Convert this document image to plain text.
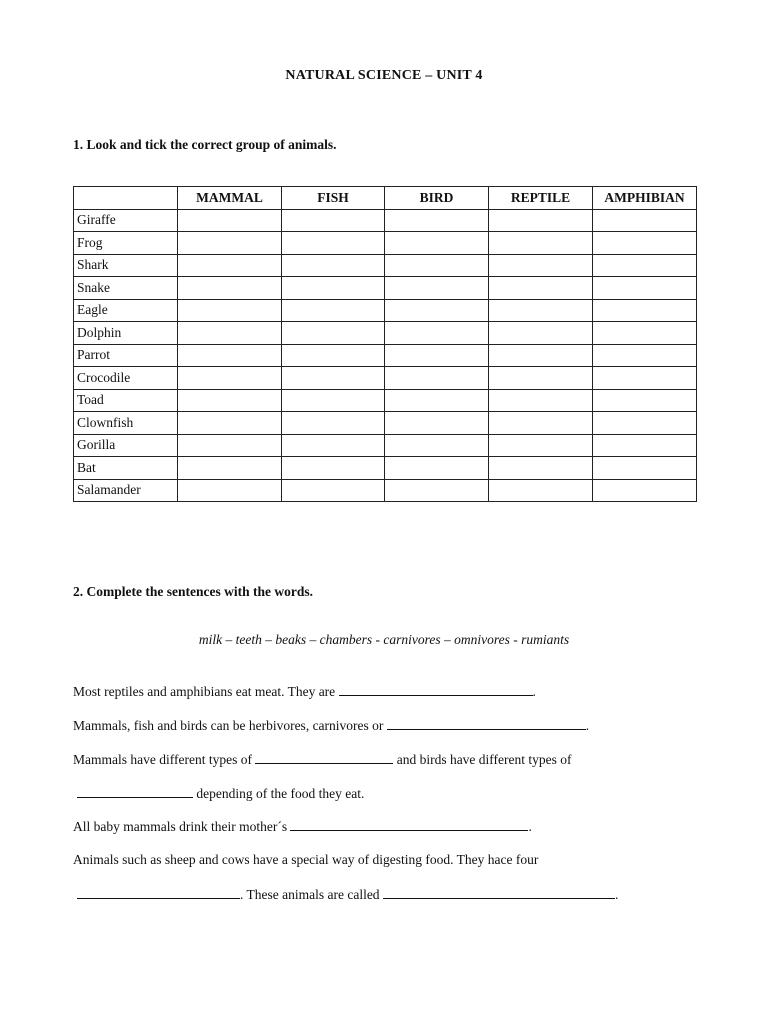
NATURAL SCIENCE – UNIT 4
1. Look and tick the correct group of animals.
	MAMMAL	FISH	BIRD	REPTILE	AMPHIBIAN
Giraffe					
Frog					
Shark					
Snake					
Eagle					
Dolphin					
Parrot					
Crocodile					
Toad					
Clownfish					
Gorilla					
Bat					
Salamander					
2. Complete the sentences with the words.
milk – teeth – beaks – chambers - carnivores – omnivores - rumiants
Most reptiles and amphibians eat meat. They are	.
Mammals, fish and birds can be herbivores, carnivores or	.
Mammals have different types of	and birds have different types of
depending of the food they eat.
All baby mammals drink their mother´s	.
Animals such as sheep and cows have a special way of digesting food. They hace four
. These animals are called	.
